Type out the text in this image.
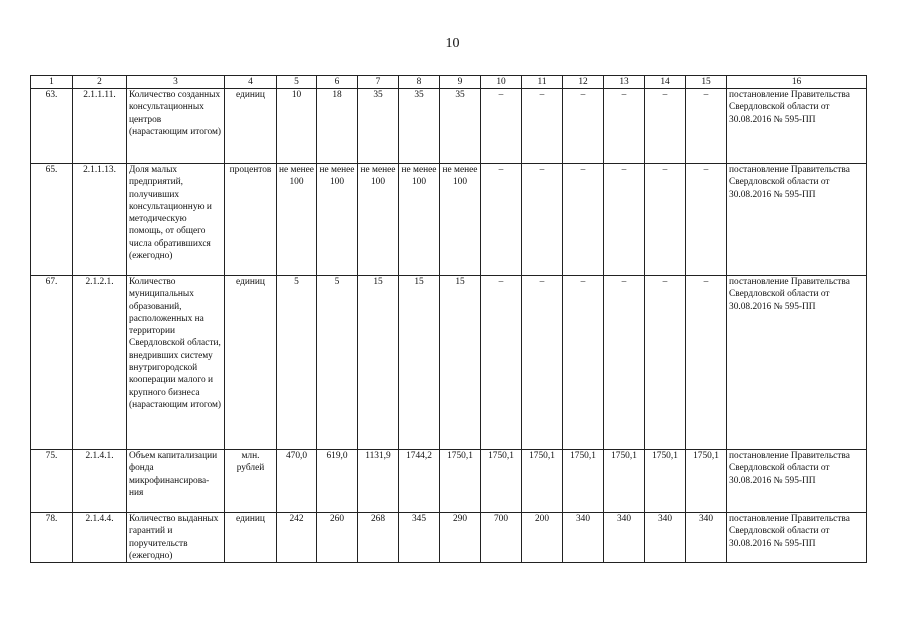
10
1	2	3	4	5	6	7	8	9	10	11	12	13	14	15	16
63.	2.1.1.11.	Количество созданных консультационных центров (нарастающим итогом)	единиц	10	18	35	35	35	–	–	–	–	–	–	постановление Правительства Свердловской области от 30.08.2016 № 595-ПП
65.	2.1.1.13.	Доля малых предприятий, получивших консультационную и методическую помощь, от общего числа обратившихся (ежегодно)	процентов	не менее 100	не менее 100	не менее 100	не менее 100	не менее 100	–	–	–	–	–	–	постановление Правительства Свердловской области от 30.08.2016 № 595-ПП
67.	2.1.2.1.	Количество муниципальных образований, расположенных на территории Свердловской области, внедривших систему внутригородской кооперации малого и крупного бизнеса (нарастающим итогом)	единиц	5	5	15	15	15	–	–	–	–	–	–	постановление Правительства Свердловской области от 30.08.2016 № 595-ПП
75.	2.1.4.1.	Объем капитализации фонда микрофинансирова-ния	млн. рублей	470,0	619,0	1131,9	1744,2	1750,1	1750,1	1750,1	1750,1	1750,1	1750,1	1750,1	постановление Правительства Свердловской области от 30.08.2016 № 595-ПП
78.	2.1.4.4.	Количество выданных гарантий и поручительств (ежегодно)	единиц	242	260	268	345	290	700	200	340	340	340	340	постановление Правительства Свердловской области от 30.08.2016 № 595-ПП
